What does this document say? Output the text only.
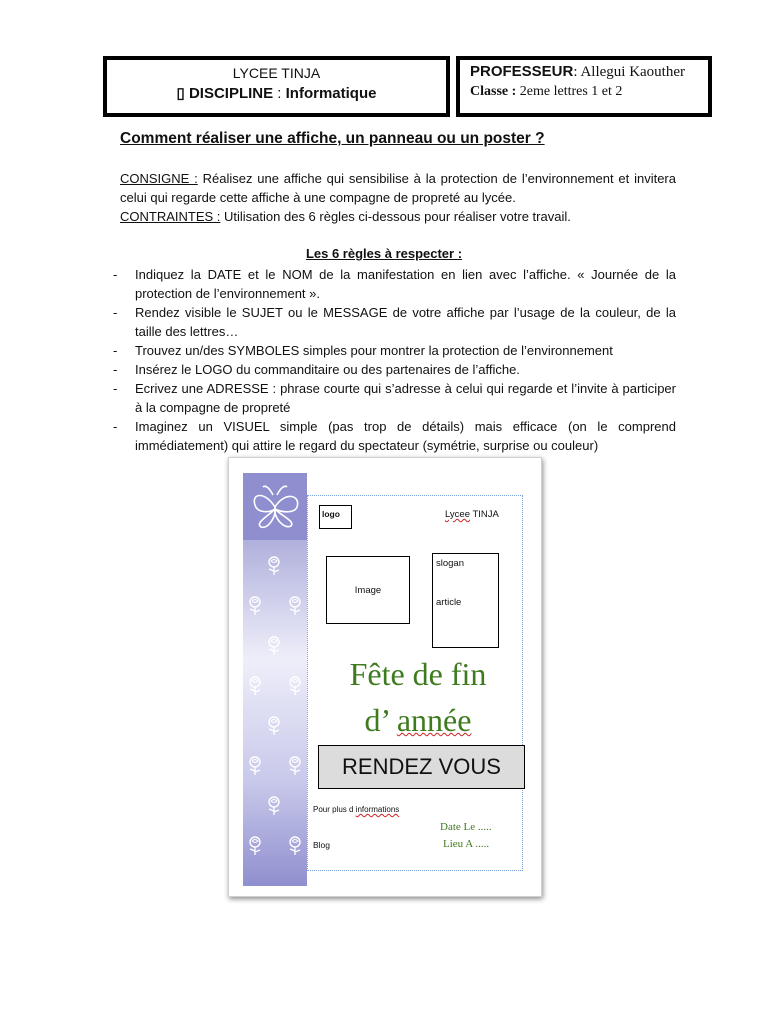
LYCEE TINJA
▯ DISCIPLINE : Informatique
PROFESSEUR: Allegui Kaouther
Classe : 2eme lettres 1 et 2
Comment réaliser une affiche, un panneau ou un poster ?
CONSIGNE : Réalisez une affiche qui sensibilise à la protection de l’environnement et invitera celui qui regarde cette affiche à une compagne de propreté au lycée.
CONTRAINTES : Utilisation des 6 règles ci-dessous pour réaliser votre travail.
Les 6 règles à respecter :
- Indiquez la DATE et le NOM de la manifestation en lien avec l’affiche. « Journée de la protection de l’environnement ».
- Rendez visible le SUJET ou le MESSAGE de votre affiche par l’usage de la couleur, de la taille des lettres…
- Trouvez un/des SYMBOLES simples pour montrer la protection de l’environnement
- Insérez le LOGO du commanditaire ou des partenaires de l’affiche.
- Ecrivez une ADRESSE : phrase courte qui s’adresse à celui qui regarde et l’invite à participer à la compagne de propreté
- Imaginez un VISUEL simple (pas trop de détails) mais efficace (on le comprend immédiatement) qui attire le regard du spectateur (symétrie, surprise ou couleur)
logo	Lycee TINJA
Image
slogan
article
Fête de fin
d’ année
RENDEZ VOUS
Pour plus d informations
Blog
Date Le .....
Lieu A .....
